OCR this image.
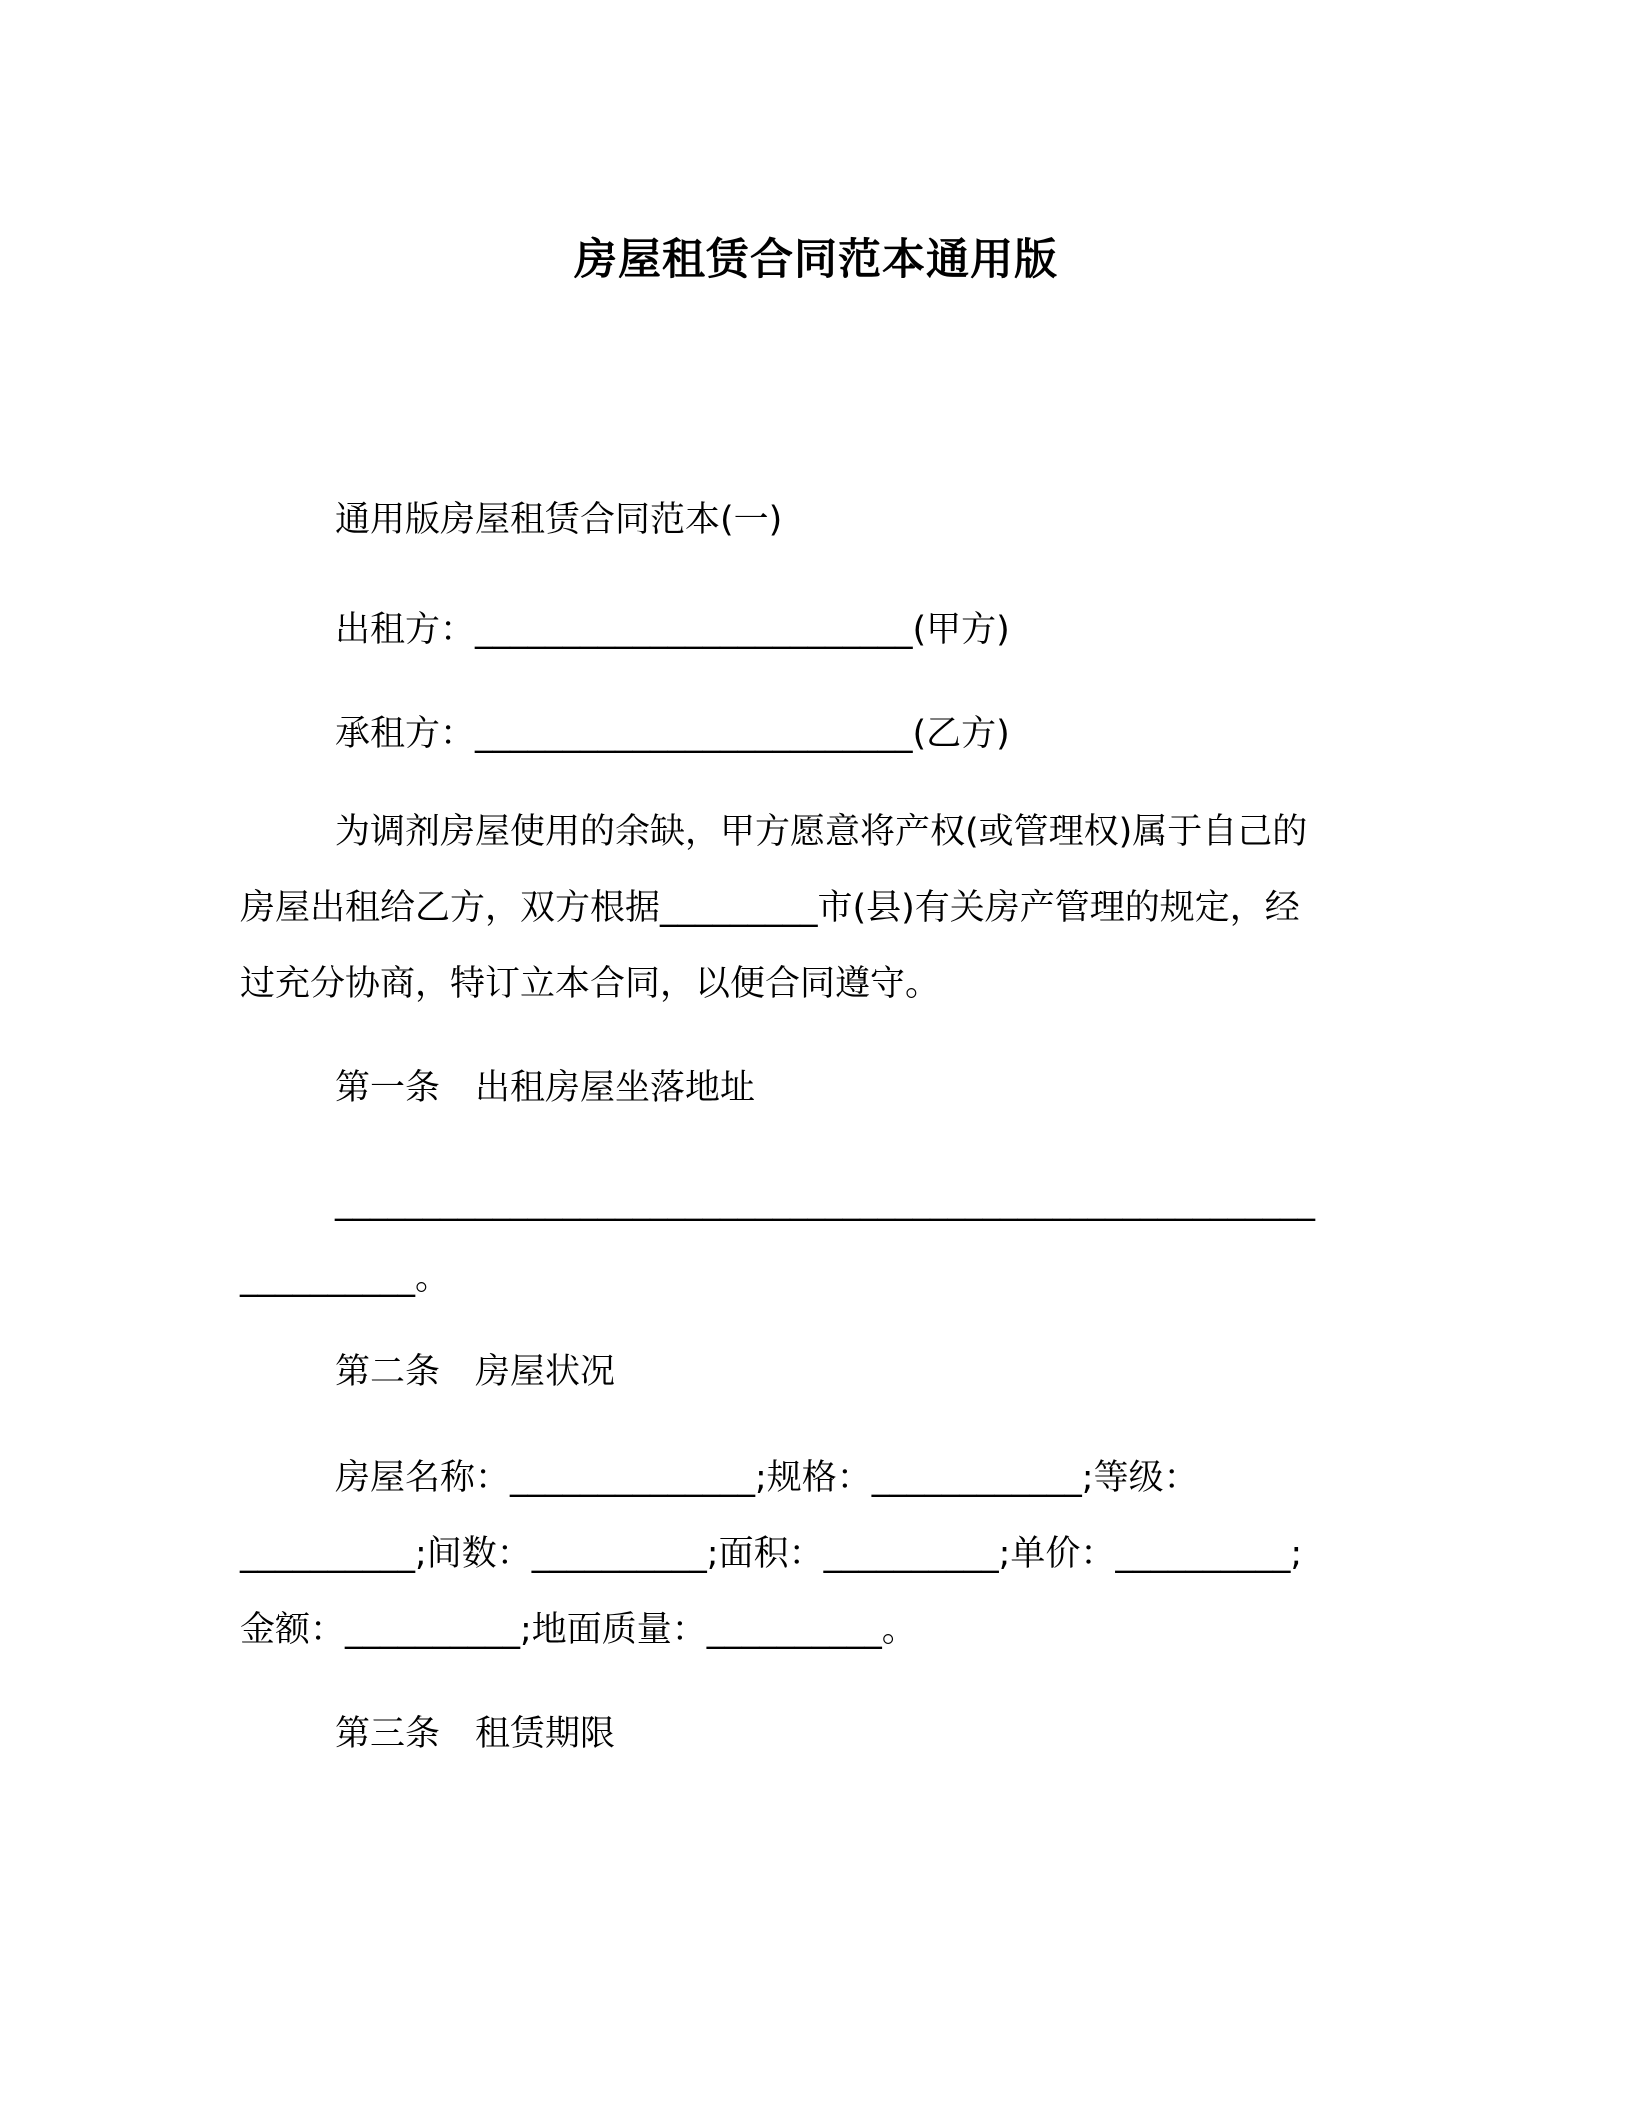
房屋租赁合同范本通用版
通用版房屋租赁合同范本(一)
出租方：_________________________(甲方)
承租方：_________________________(乙方)
为调剂房屋使用的余缺，甲方愿意将产权(或管理权)属于自己的
房屋出租给乙方，双方根据_________市(县)有关房产管理的规定，经
过充分协商，特订立本合同，以便合同遵守。
第一条　出租房屋坐落地址
________________________________________________________
__________。
第二条　房屋状况
房屋名称：______________;规格：____________;等级：
__________;间数：__________;面积：__________;单价：__________;
金额：__________;地面质量：__________。
第三条　租赁期限
